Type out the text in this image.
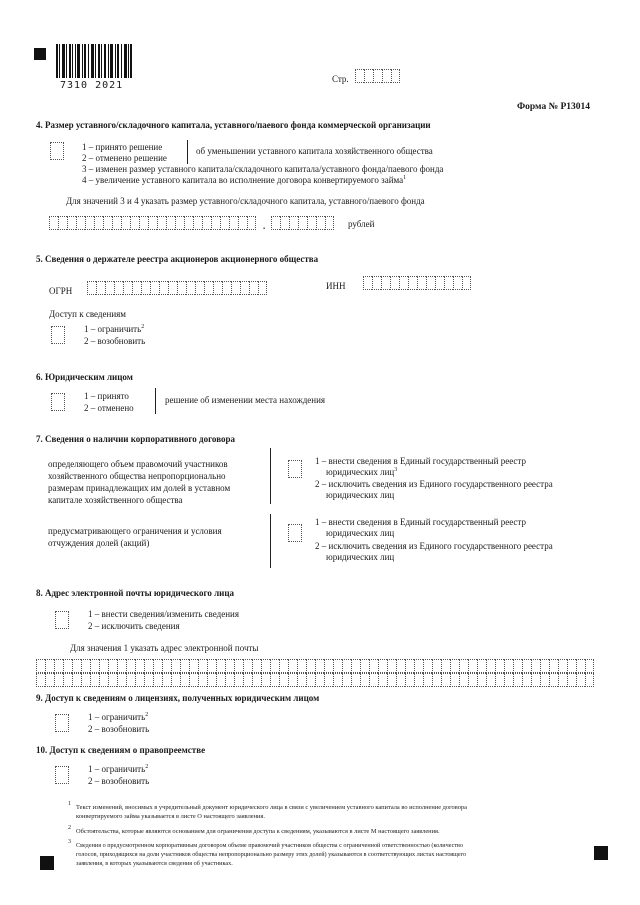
7310 2021
Стр.
Форма № Р13014
4. Размер уставного/складочного капитала, уставного/паевого фонда коммерческой организации
1 – принято решение
2 – отменено решение
об уменьшении уставного капитала хозяйственного общества
3 – изменен размер уставного капитала/складочного капитала/уставного фонда/паевого фонда
4 – увеличение уставного капитала во исполнение договора конвертируемого займа$^1$
Для значений 3 и 4 указать размер уставного/складочного капитала, уставного/паевого фонда
.	рублей
5. Сведения о держателе реестра акционеров акционерного общества
ОГРН	ИНН
Доступ к сведениям
1 – ограничить$^2$
2 – возобновить
6. Юридическим лицом
1 – принято
2 – отменено
решение об изменении места нахождения
7. Сведения о наличии корпоративного договора
определяющего объем правомочий участников
хозяйственного общества непропорционально
размерам принадлежащих им долей в уставном
капитале хозяйственного общества
1 – внести сведения в Единый государственный реестр
юридических лиц$^3$
2 – исключить сведения из Единого государственного реестра
юридических лиц
предусматривающего ограничения и условия
отчуждения долей (акций)
1 – внести сведения в Единый государственный реестр
юридических лиц
2 – исключить сведения из Единого государственного реестра
юридических лиц
8. Адрес электронной почты юридического лица
1 – внести сведения/изменить сведения
2 – исключить сведения
Для значения 1 указать адрес электронной почты
9. Доступ к сведениям о лицензиях, полученных юридическим лицом
1 – ограничить$^2$
2 – возобновить
10. Доступ к сведениям о правопреемстве
1 – ограничить$^2$
2 – возобновить
1 Текст изменений, вносимых в учредительный документ юридического лица в связи с увеличением уставного капитала во исполнение договора
конвертируемого займа указывается в листе О настоящего заявления.
2 Обстоятельства, которые являются основанием для ограничения доступа к сведениям, указываются в листе М настоящего заявления.
3 Сведения о предусмотренном корпоративным договором объеме правомочий участников общества с ограниченной ответственностью (количество
голосов, приходящихся на доли участников общества непропорционально размеру этих долей) указываются в соответствующих листах настоящего
заявления, в которых указываются сведения об участниках.
